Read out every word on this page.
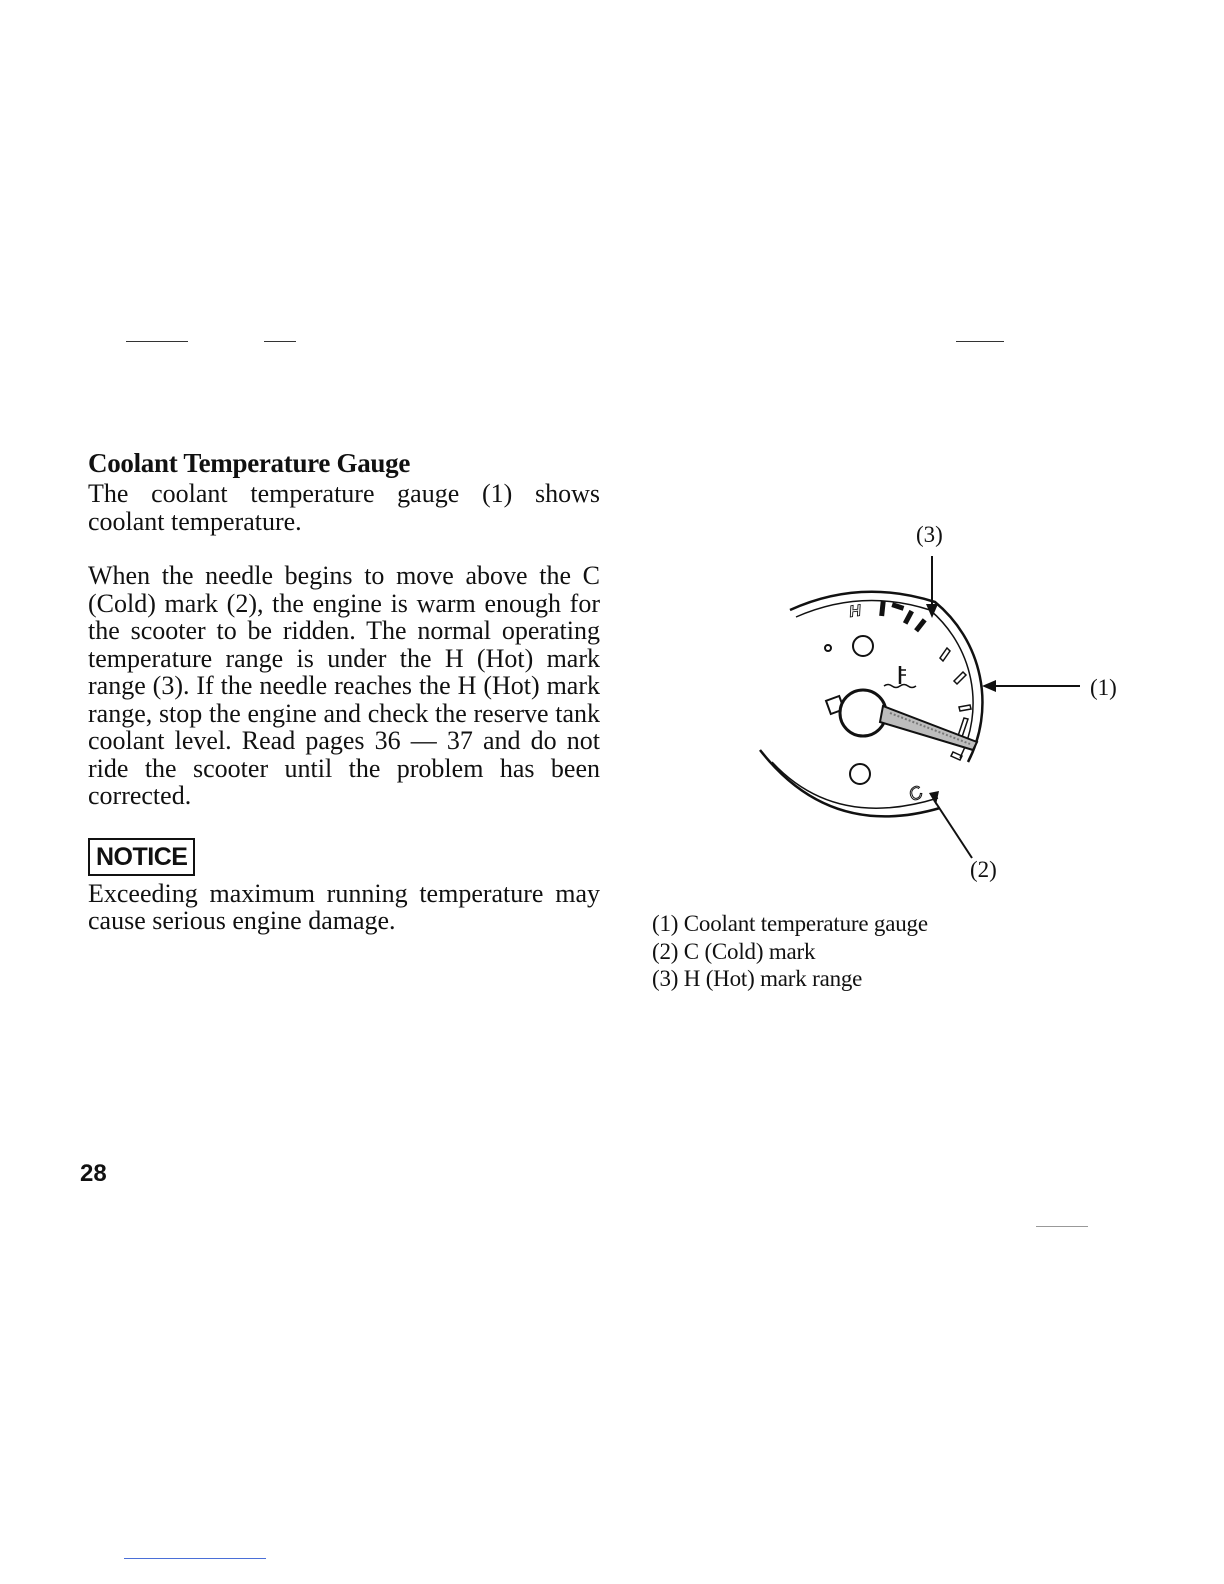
Coolant Temperature Gauge

The coolant temperature gauge (1) shows coolant temperature.

When the needle begins to move above the C (Cold) mark (2), the engine is warm enough for the scooter to be ridden. The normal operating temperature range is under the H (Hot) mark range (3). If the needle reaches the H (Hot) mark range, stop the engine and check the reserve tank coolant level. Read pages 36 — 37 and do not ride the scooter until the problem has been corrected.

NOTICE

Exceeding maximum running temperature may cause serious engine damage.

H
C
(3)
(1)
(2)
(1) Coolant temperature gauge
(2) C (Cold) mark
(3) H (Hot) mark range

28
